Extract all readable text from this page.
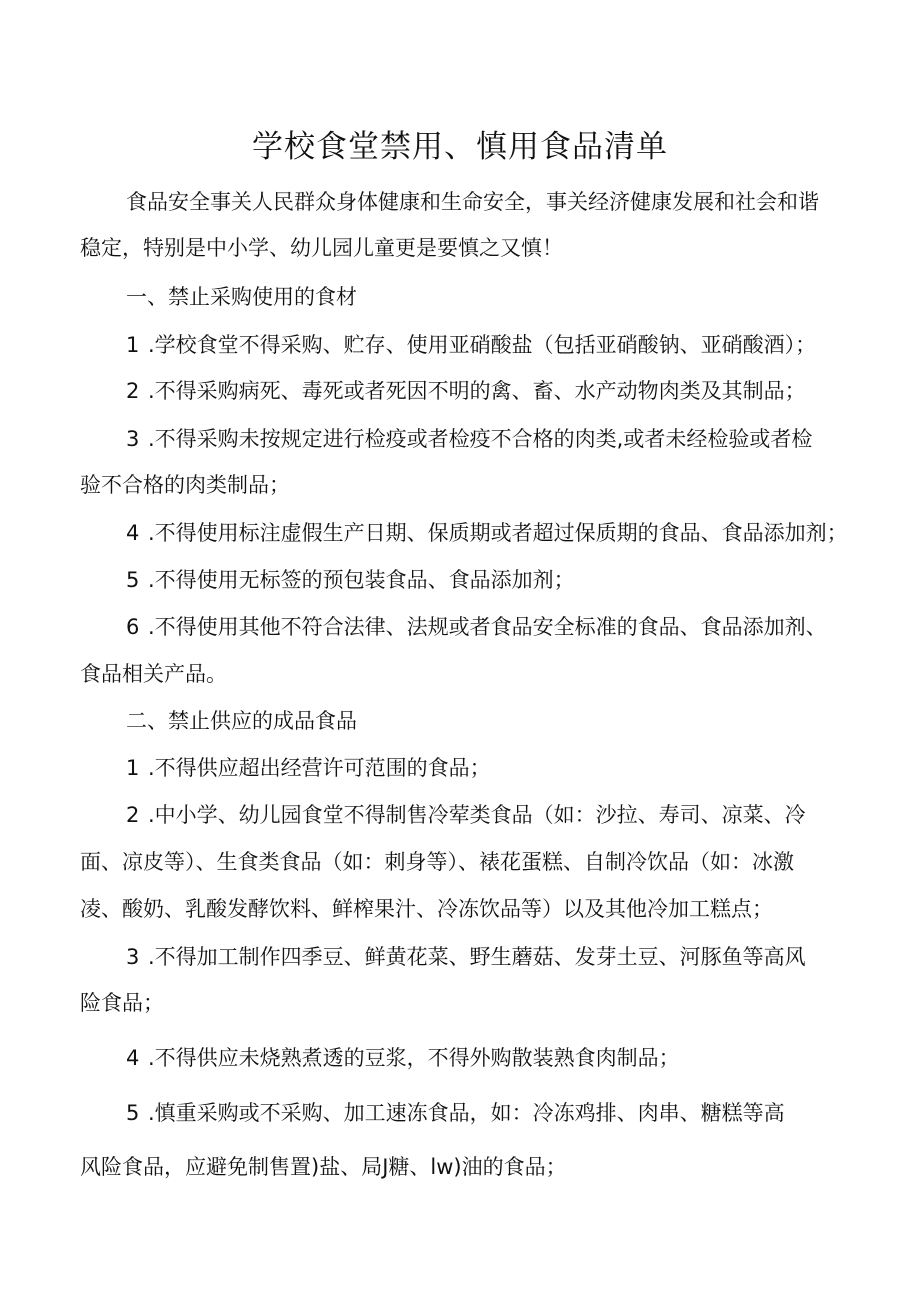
学校食堂禁用、慎用食品清单

食品安全事关人民群众身体健康和生命安全，事关经济健康发展和社会和谐

稳定，特别是中小学、幼儿园儿童更是要慎之又慎！

一、禁止采购使用的食材

1 .学校食堂不得采购、贮存、使用亚硝酸盐（包括亚硝酸钠、亚硝酸酒）；

2 .不得采购病死、毒死或者死因不明的禽、畜、水产动物肉类及其制品；

3 .不得采购未按规定进行检疫或者检疫不合格的肉类,或者未经检验或者检

验不合格的肉类制品；

4 .不得使用标注虚假生产日期、保质期或者超过保质期的食品、食品添加剂；

5 .不得使用无标签的预包装食品、食品添加剂；

6 .不得使用其他不符合法律、法规或者食品安全标准的食品、食品添加剂、

食品相关产品。

二、禁止供应的成品食品

1 .不得供应超出经营许可范围的食品；

2 .中小学、幼儿园食堂不得制售冷荤类食品（如：沙拉、寿司、凉菜、冷

面、凉皮等）、生食类食品（如：刺身等）、裱花蛋糕、自制冷饮品（如：冰激

凌、酸奶、乳酸发酵饮料、鲜榨果汁、冷冻饮品等）以及其他冷加工糕点；

3 .不得加工制作四季豆、鲜黄花菜、野生蘑菇、发芽土豆、河豚鱼等高风

险食品；

4 .不得供应未烧熟煮透的豆浆，不得外购散装熟食肉制品；

5 .慎重采购或不采购、加工速冻食品，如：冷冻鸡排、肉串、糖糕等高

风险食品，应避免制售置)盐、局J糖、lw)油的食品；
